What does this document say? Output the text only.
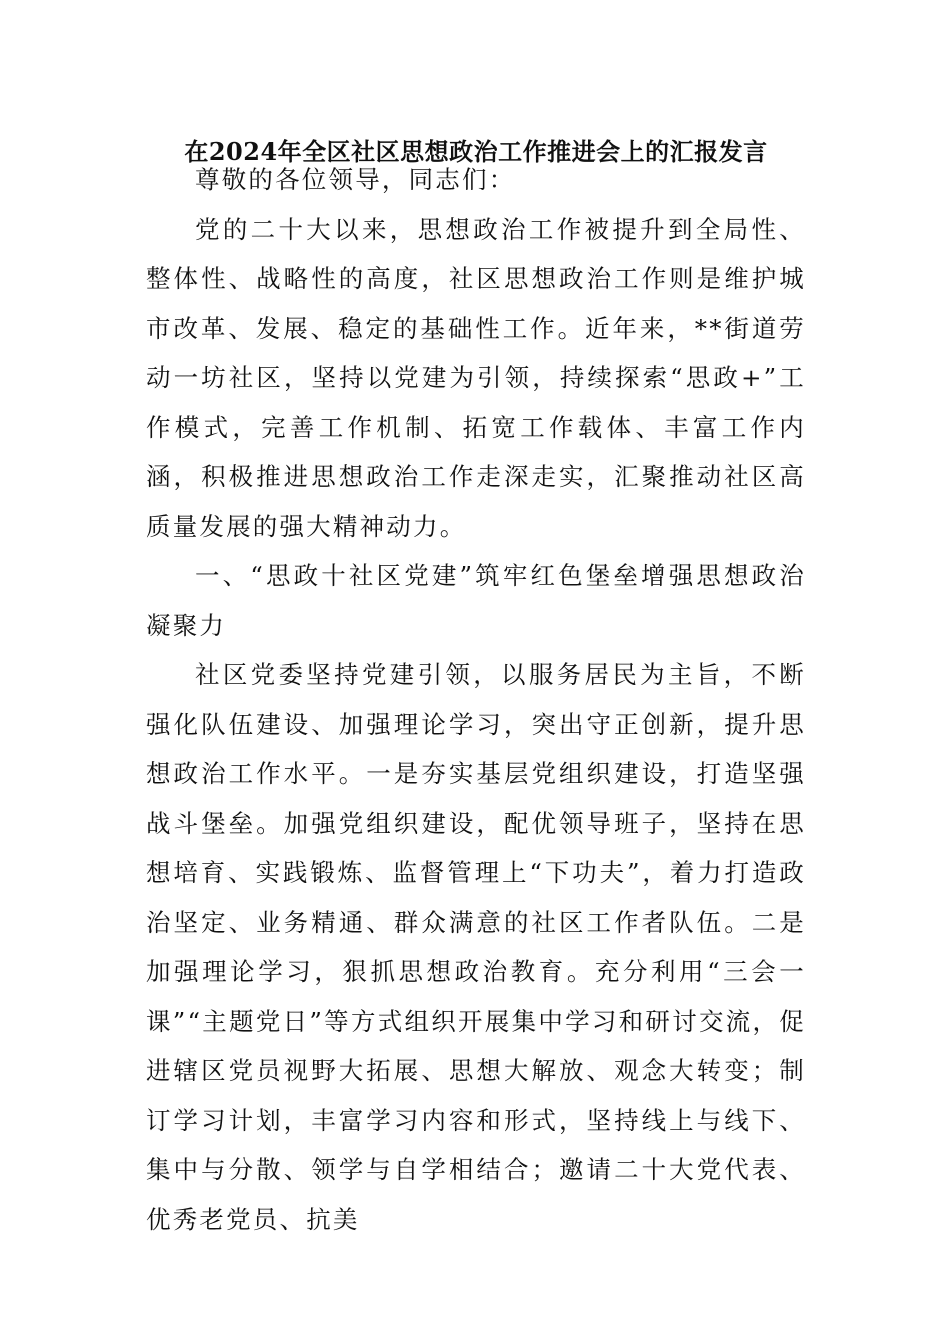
在2024年全区社区思想政治工作推进会上的汇报发言

尊敬的各位领导，同志们：

党的二十大以来，思想政治工作被提升到全局性、整体性、战略性的高度，社区思想政治工作则是维护城市改革、发展、稳定的基础性工作。近年来，**街道劳动一坊社区，坚持以党建为引领，持续探索“思政+”工作模式，完善工作机制、拓宽工作载体、丰富工作内涵，积极推进思想政治工作走深走实，汇聚推动社区高质量发展的强大精神动力。

一、“思政十社区党建”筑牢红色堡垒增强思想政治凝聚力

社区党委坚持党建引领，以服务居民为主旨，不断强化队伍建设、加强理论学习，突出守正创新，提升思想政治工作水平。一是夯实基层党组织建设，打造坚强战斗堡垒。加强党组织建设，配优领导班子，坚持在思想培育、实践锻炼、监督管理上“下功夫”，着力打造政治坚定、业务精通、群众满意的社区工作者队伍。二是加强理论学习，狠抓思想政治教育。充分利用“三会一课”“主题党日”等方式组织开展集中学习和研讨交流，促进辖区党员视野大拓展、思想大解放、观念大转变；制订学习计划，丰富学习内容和形式，坚持线上与线下、集中与分散、领学与自学相结合；邀请二十大党代表、优秀老党员、抗美
